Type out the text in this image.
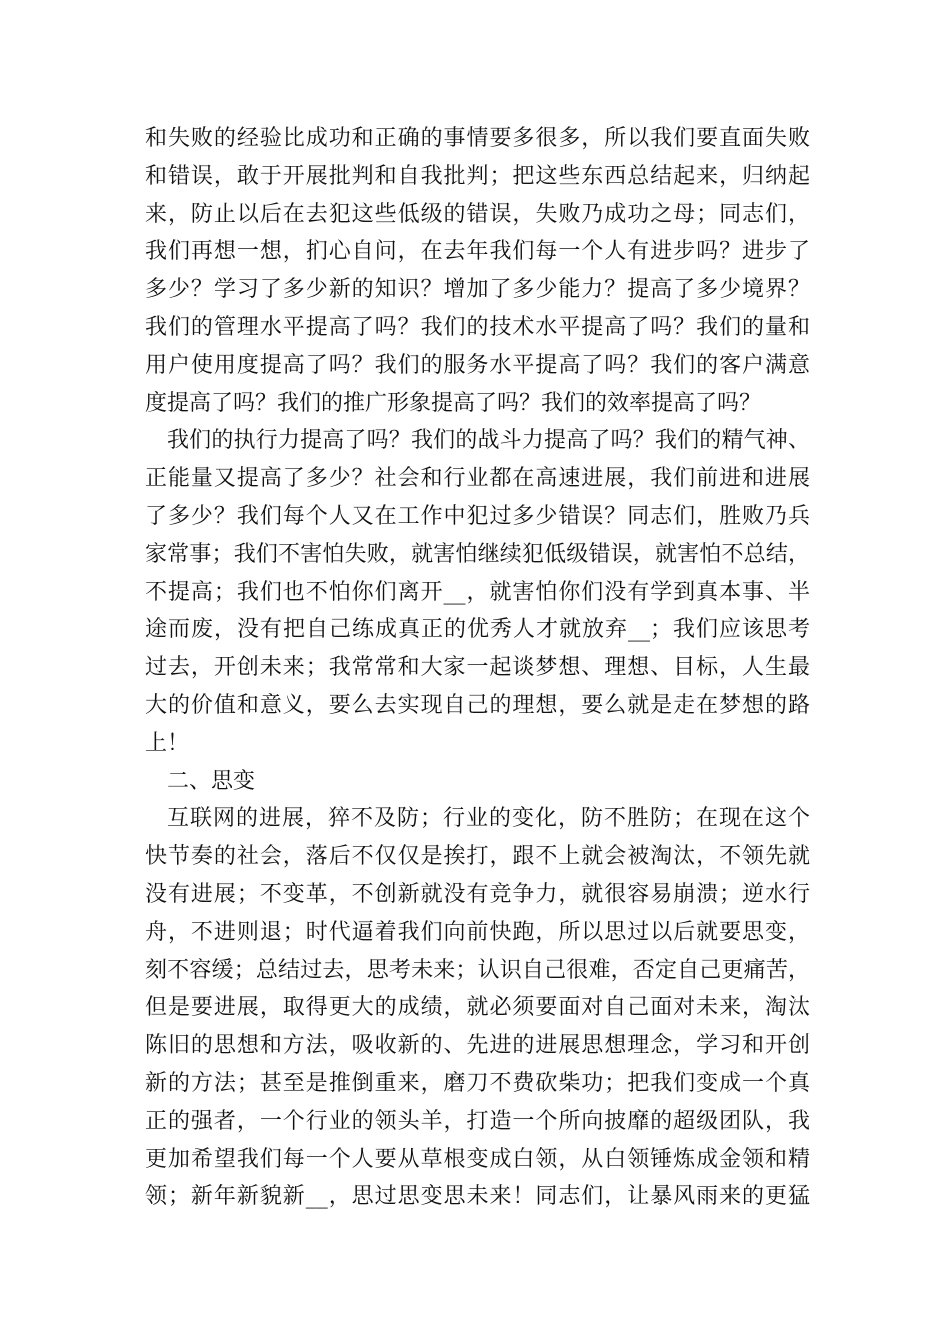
和失败的经验比成功和正确的事情要多很多，所以我们要直面失败
和错误，敢于开展批判和自我批判；把这些东西总结起来，归纳起
来，防止以后在去犯这些低级的错误，失败乃成功之母；同志们，
我们再想一想，扪心自问，在去年我们每一个人有进步吗？进步了
多少？学习了多少新的知识？增加了多少能力？提高了多少境界？
我们的管理水平提高了吗？我们的技术水平提高了吗？我们的量和
用户使用度提高了吗？我们的服务水平提高了吗？我们的客户满意
度提高了吗？我们的推广形象提高了吗？我们的效率提高了吗？
我们的执行力提高了吗？我们的战斗力提高了吗？我们的精气神、
正能量又提高了多少？社会和行业都在高速进展，我们前进和进展
了多少？我们每个人又在工作中犯过多少错误？同志们，胜败乃兵
家常事；我们不害怕失败，就害怕继续犯低级错误，就害怕不总结，
不提高；我们也不怕你们离开__，就害怕你们没有学到真本事、半
途而废，没有把自己练成真正的优秀人才就放弃__；我们应该思考
过去，开创未来；我常常和大家一起谈梦想、理想、目标，人生最
大的价值和意义，要么去实现自己的理想，要么就是走在梦想的路
上！
二、思变
互联网的进展，猝不及防；行业的变化，防不胜防；在现在这个
快节奏的社会，落后不仅仅是挨打，跟不上就会被淘汰，不领先就
没有进展；不变革，不创新就没有竞争力，就很容易崩溃；逆水行
舟，不进则退；时代逼着我们向前快跑，所以思过以后就要思变，
刻不容缓；总结过去，思考未来；认识自己很难，否定自己更痛苦，
但是要进展，取得更大的成绩，就必须要面对自己面对未来，淘汰
陈旧的思想和方法，吸收新的、先进的进展思想理念，学习和开创
新的方法；甚至是推倒重来，磨刀不费砍柴功；把我们变成一个真
正的强者，一个行业的领头羊，打造一个所向披靡的超级团队，我
更加希望我们每一个人要从草根变成白领，从白领锤炼成金领和精
领；新年新貌新__，思过思变思未来！同志们，让暴风雨来的更猛
